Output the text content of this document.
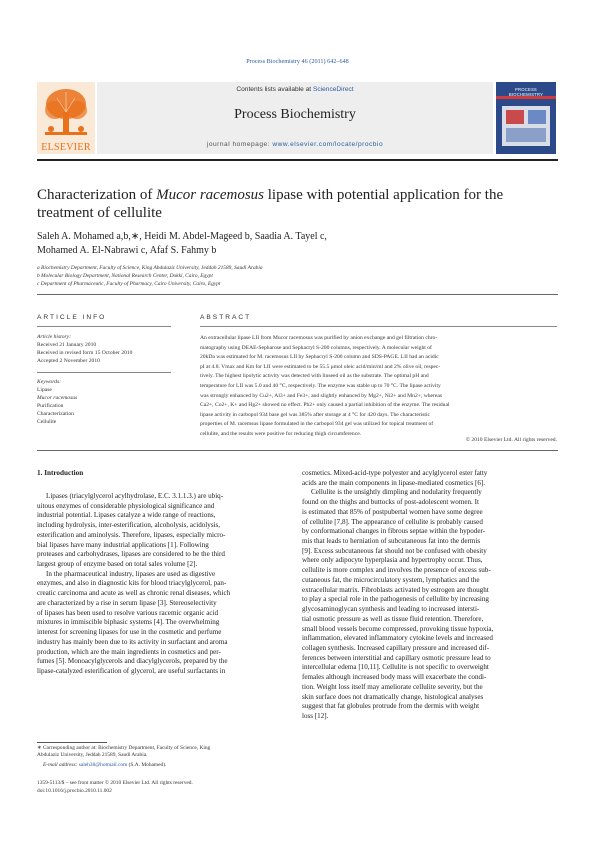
Process Biochemistry 46 (2011) 642–648
Contents lists available at ScienceDirect
Process Biochemistry
journal homepage: www.elsevier.com/locate/procbio
ELSEVIER
PROCESS BIOCHEMISTRY
Characterization of Mucor racemosus lipase with potential application for the
treatment of cellulite
Saleh A. Mohamed a,b,∗, Heidi M. Abdel-Mageed b, Saadia A. Tayel c,
Mohamed A. El-Nabrawi c, Afaf S. Fahmy b
a Biochemistry Department, Faculty of Science, King Abdulaziz University, Jeddah 21589, Saudi Arabia
b Molecular Biology Department, National Research Center, Dokki, Cairo, Egypt
c Department of Pharmaceutic, Faculty of Pharmacy, Cairo University, Cairo, Egypt
ARTICLE INFO
Article history:
Received 21 January 2010
Received in revised form 15 October 2010
Accepted 2 November 2010
Keywords:
Lipase
Mucor racemosus
Purification
Characterization
Cellulite
ABSTRACT
An extracellular lipase LII from Mucor racemosus was purified by anion exchange and gel filtration chro-
matography using DEAE-Sepharose and Sephacryl S-200 columns, respectively. A molecular weight of
20kDa was estimated for M. racemosus LII by Sephacryl S-200 column and SDS-PAGE. LII had an acidic
pI at 4.8. Vmax and Km for LII were estimated to be 55.5 μmol oleic acid/min/ml and 2% olive oil, respec-
tively. The highest lipolytic activity was detected with linseed oil as the substrate. The optimal pH and
temperature for LII was 5.0 and 40 °C, respectively. The enzyme was stable up to 70 °C. The lipase activity
was strongly enhanced by Cu2+, Al3+ and Fe3+, and slightly enhanced by Mg2+, Ni2+ and Mn2+, whereas
Ca2+, Co2+, K+ and Hg2+ showed no effect. Pb2+ only caused a partial inhibition of the enzyme. The residual
lipase activity in carbopol 934 base gel was 385% after storage at 4 °C for 420 days. The characteristic
properties of M. racemsus lipase formulated in the carbopol 934 gel was utilized for topical treatment of
cellulite, and the results were positive for reducing thigh circumference.
© 2010 Elsevier Ltd. All rights reserved.
1. Introduction
Lipases (triacylglycerol acylhydrolase, E.C. 3.1.1.3.) are ubiq-
uitous enzymes of considerable physiological significance and
industrial potential. Lipases catalyze a wide range of reactions,
including hydrolysis, inter-esterification, alcoholysis, acidolysis,
esterification and aminolysis. Therefore, lipases, especially micro-
bial lipases have many industrial applications [1]. Following
proteases and carbohydrases, lipases are considered to be the third
largest group of enzyme based on total sales volume [2].
In the pharmaceutical industry, lipases are used as digestive
enzymes, and also in diagnostic kits for blood triacylglycerol, pan-
creatic carcinoma and acute as well as chronic renal diseases, which
are characterized by a rise in serum lipase [3]. Stereoselectivity
of lipases has been used to resolve various racemic organic acid
mixtures in immiscible biphasic systems [4]. The overwhelming
interest for screening lipases for use in the cosmetic and perfume
industry has mainly been due to its activity in surfactant and aroma
production, which are the main ingredients in cosmetics and per-
fumes [5]. Monoacylglycerols and diacylglycerols, prepared by the
lipase-catalyzed esterification of glycerol, are useful surfactants in
cosmetics. Mixed-acid-type polyester and acylglycerol ester fatty
acids are the main components in lipase-mediated cosmetics [6].
Cellulite is the unsightly dimpling and nodularity frequently
found on the thighs and buttocks of post-adolescent women. It
is estimated that 85% of postpubertal women have some degree
of cellulite [7,8]. The appearance of cellulite is probably caused
by conformational changes in fibrous septae within the hypoder-
mis that leads to herniation of subcutaneous fat into the dermis
[9]. Excess subcutaneous fat should not be confused with obesity
where only adipocyte hyperplasia and hypertrophy occur. Thus,
cellulite is more complex and involves the presence of excess sub-
cutaneous fat, the microcirculatory system, lymphatics and the
extracellular matrix. Fibroblasts activated by estrogen are thought
to play a special role in the pathogenesis of cellulite by increasing
glycosaminoglycan synthesis and leading to increased intersti-
tial osmotic pressure as well as tissue fluid retention. Therefore,
small blood vessels become compressed, provoking tissue hypoxia,
inflammation, elevated inflammatory cytokine levels and increased
collagen synthesis. Increased capillary pressure and increased dif-
ferences between interstitial and capillary osmotic pressure lead to
intercellular edema [10,11]. Cellulite is not specific to overweight
females although increased body mass will exacerbate the condi-
tion. Weight loss itself may ameliorate cellulite severity, but the
skin surface does not dramatically change, histological analyses
suggest that fat globules protrude from the dermis with weight
loss [12].
∗ Corresponding author at: Biochemistry Department, Faculty of Science, King
Abdulaziz University, Jeddah 21589, Saudi Arabia.
E-mail address: saleh38@hotmail.com (S.A. Mohamed).
1359-5113/$ – see front matter © 2010 Elsevier Ltd. All rights reserved.
doi:10.1016/j.procbio.2010.11.002
